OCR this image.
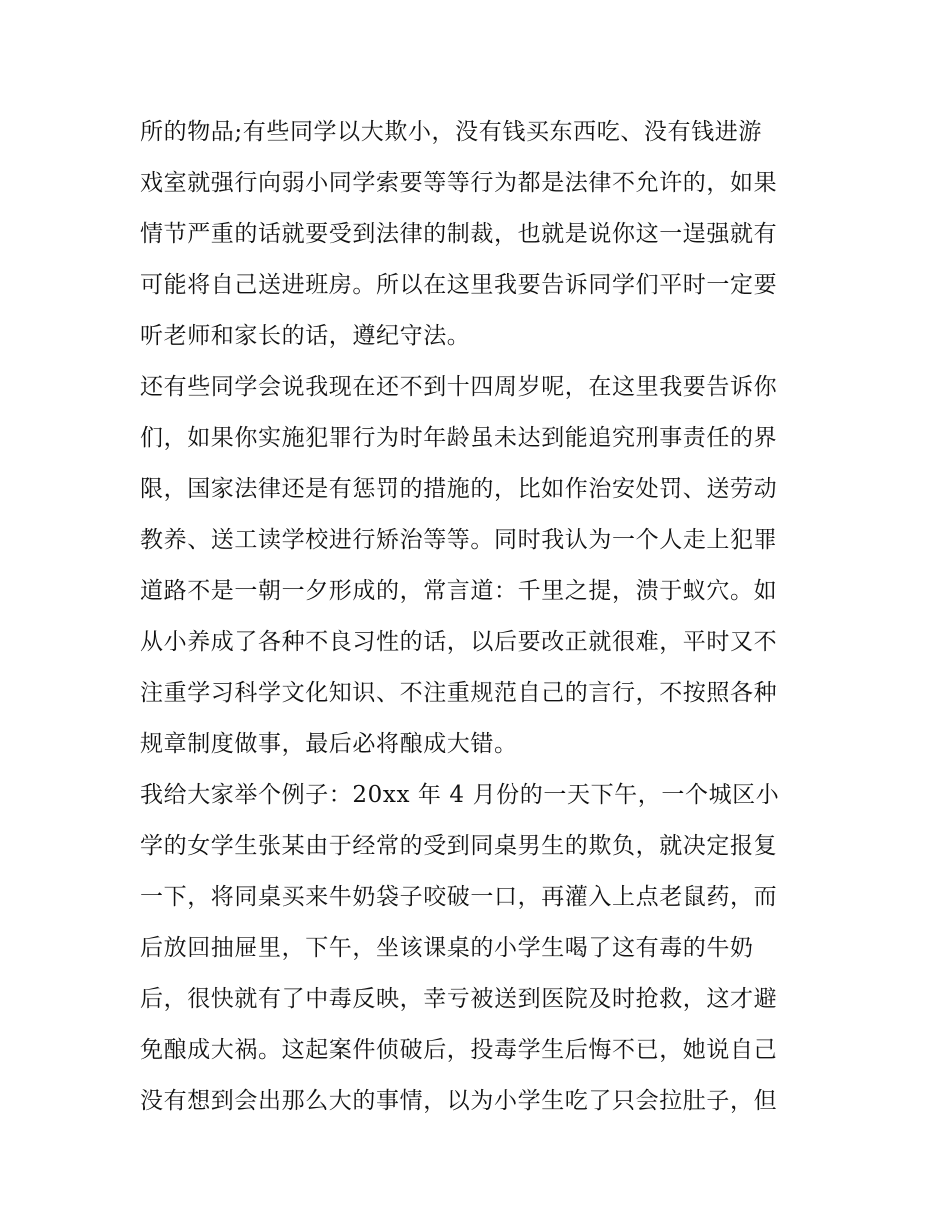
所的物品;有些同学以大欺小，没有钱买东西吃、没有钱进游
戏室就强行向弱小同学索要等等行为都是法律不允许的，如果
情节严重的话就要受到法律的制裁，也就是说你这一逞强就有
可能将自己送进班房。所以在这里我要告诉同学们平时一定要
听老师和家长的话，遵纪守法。
还有些同学会说我现在还不到十四周岁呢，在这里我要告诉你
们，如果你实施犯罪行为时年龄虽未达到能追究刑事责任的界
限，国家法律还是有惩罚的措施的，比如作治安处罚、送劳动
教养、送工读学校进行矫治等等。同时我认为一个人走上犯罪
道路不是一朝一夕形成的，常言道：千里之提，溃于蚁穴。如
从小养成了各种不良习性的话，以后要改正就很难，平时又不
注重学习科学文化知识、不注重规范自己的言行，不按照各种
规章制度做事，最后必将酿成大错。
我给大家举个例子：20xx 年 4 月份的一天下午，一个城区小
学的女学生张某由于经常的受到同桌男生的欺负，就决定报复
一下，将同桌买来牛奶袋子咬破一口，再灌入上点老鼠药，而
后放回抽屉里，下午，坐该课桌的小学生喝了这有毒的牛奶
后，很快就有了中毒反映，幸亏被送到医院及时抢救，这才避
免酿成大祸。这起案件侦破后，投毒学生后悔不已，她说自己
没有想到会出那么大的事情，以为小学生吃了只会拉肚子，但
